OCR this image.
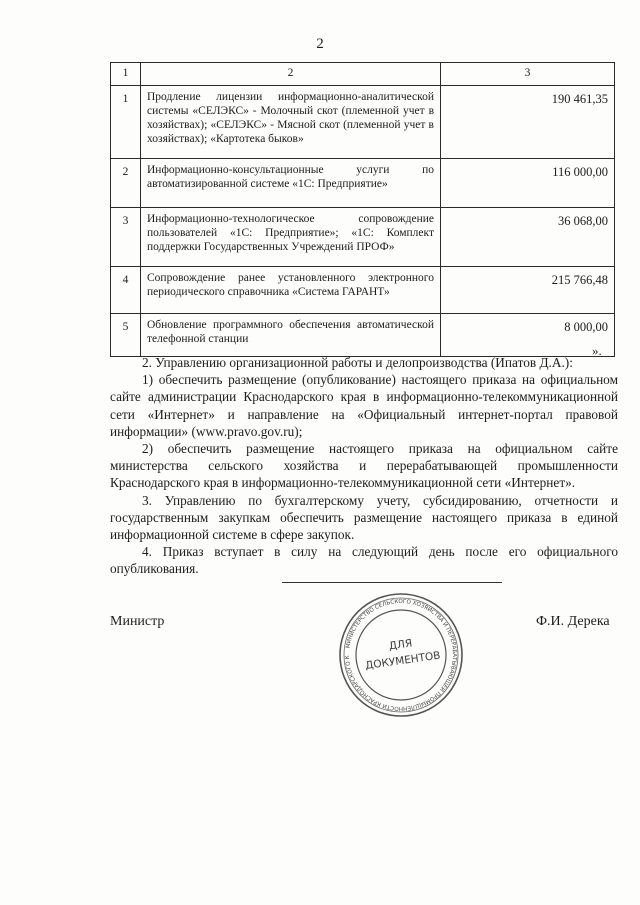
2
1	2	3
1	Продление лицензии информационно-аналитической системы «СЕЛЭКС» - Молочный скот (племенной учет в хозяйствах); «СЕЛЭКС» - Мясной скот (племенной учет в хозяйствах); «Картотека быков»	190 461,35
2	Информационно-консультационные услуги по автоматизированной системе «1С: Предприятие»	116 000,00
3	Информационно-технологическое сопровождение пользователей «1С: Предприятие»; «1С: Комплект поддержки Государственных Учреждений ПРОФ»	36 068,00
4	Сопровождение ранее установленного электронного периодического справочника «Система ГАРАНТ»	215 766,48
5	Обновление программного обеспечения автоматической телефонной станции	8 000,00
».

2. Управлению организационной работы и делопроизводства (Ипатов Д.А.):

1) обеспечить размещение (опубликование) настоящего приказа на официальном сайте администрации Краснодарского края в информационно-телекоммуникационной сети «Интернет» и направление на «Официальный интернет-портал правовой информации» (www.pravo.gov.ru);

2) обеспечить размещение настоящего приказа на официальном сайте министерства сельского хозяйства и перерабатывающей промышленности Краснодарского края в информационно-телекоммуникационной сети «Интернет».

3. Управлению по бухгалтерскому учету, субсидированию, отчетности и государственным закупкам обеспечить размещение настоящего приказа в единой информационной системе в сфере закупок.

4. Приказ вступает в силу на следующий день после его официального опубликования.

Министр	Ф.И. Дерека
МИНИСТЕРСТВО СЕЛЬСКОГО ХОЗЯЙСТВА И ПЕРЕРАБАТЫВАЮЩЕЙ ПРОМЫШЛЕННОСТИ КРАСНОДАРСКОГО К
ДЛЯ
ДОКУМЕНТОВ
